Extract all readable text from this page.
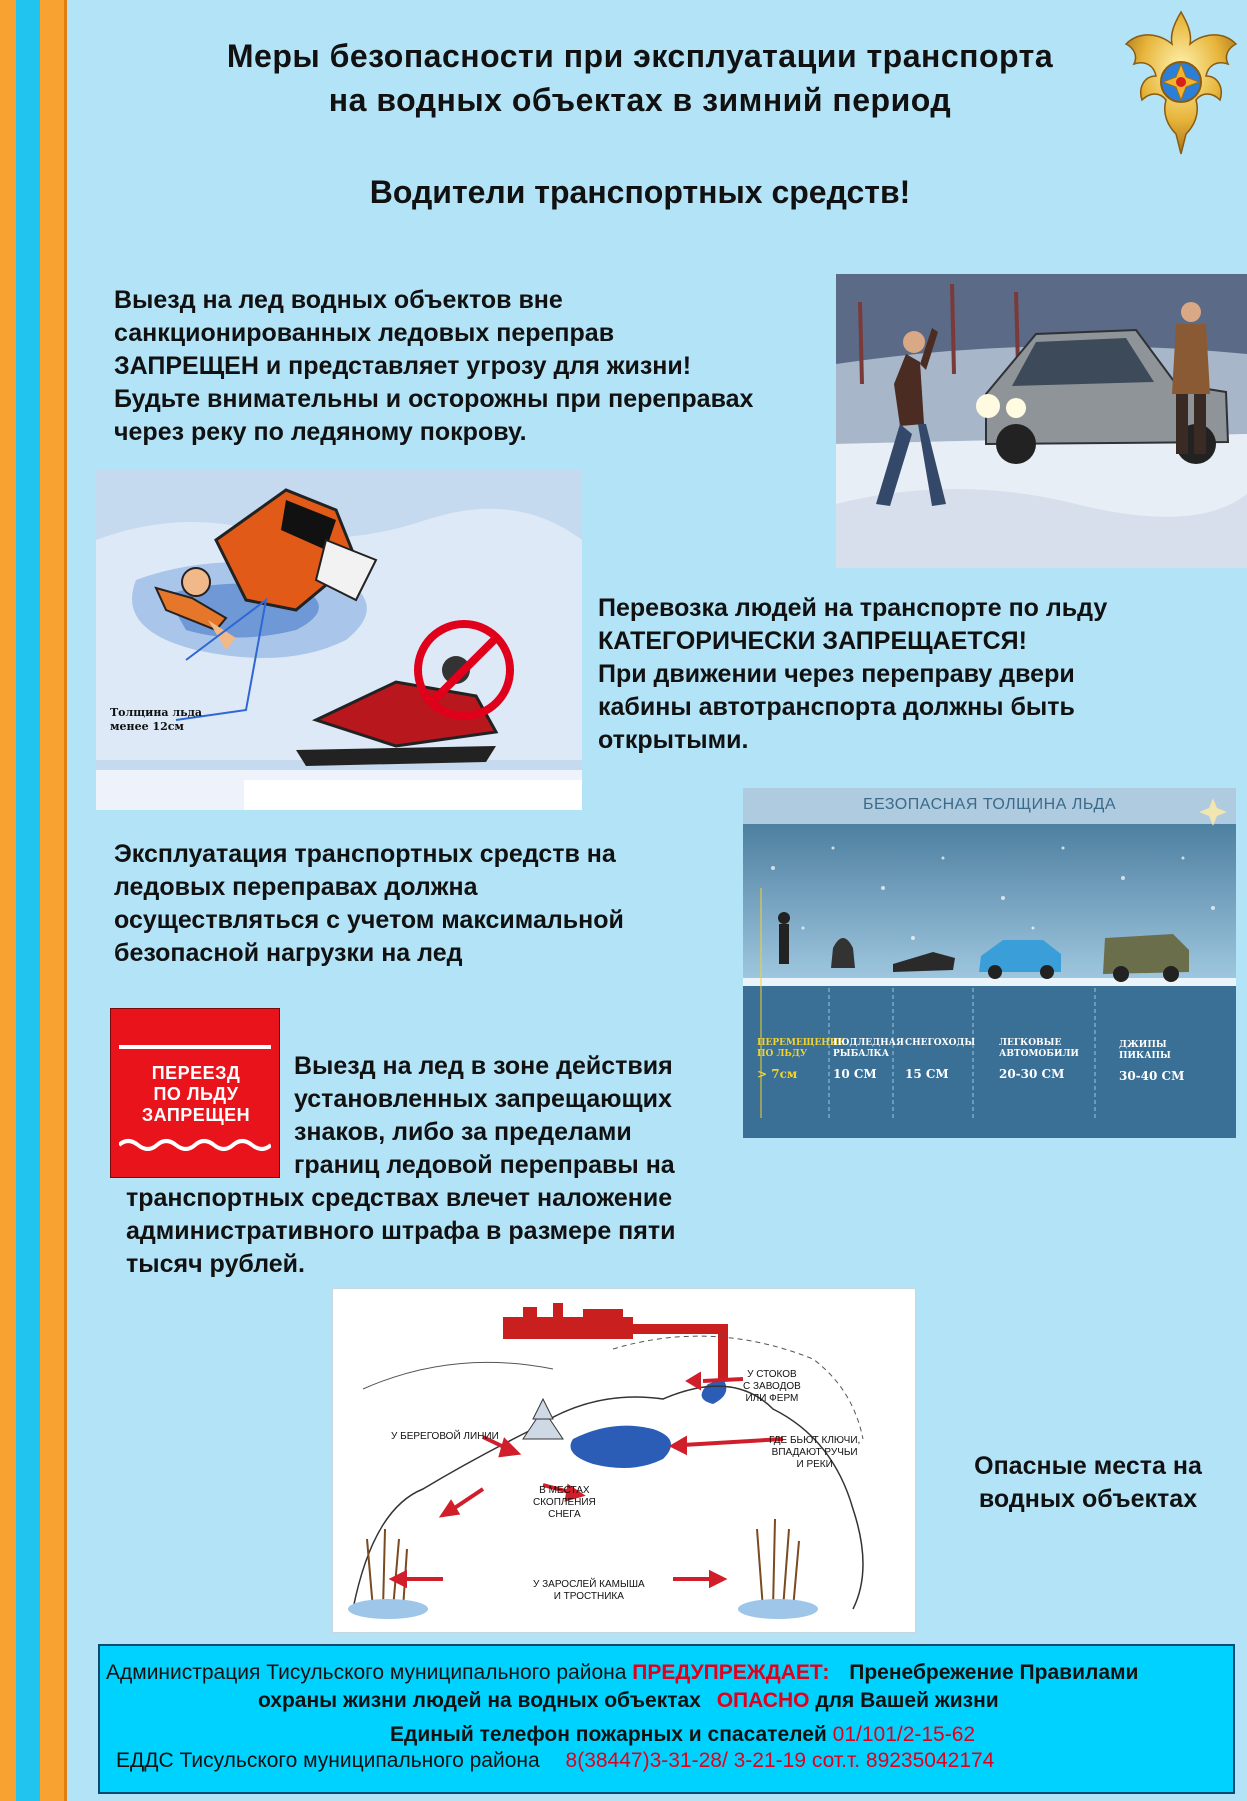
Меры безопасности при эксплуатации транспорта
на водных объектах в зимний период
Водители транспортных средств!
Выезд на лед водных объектов вне
санкционированных ледовых переправ
ЗАПРЕЩЕН и представляет угрозу для жизни!
Будьте внимательны и осторожны при переправах
через реку по ледяному покрову.
Толщина льда
менее 12см
Перевозка людей на транспорте по льду
КАТЕГОРИЧЕСКИ ЗАПРЕЩАЕТСЯ!
При движении через переправу двери
кабины автотранспорта должны быть
открытыми.
БЕЗОПАСНАЯ ТОЛЩИНА ЛЬДА
ПЕРЕМЕЩЕНИЕ
ПО ЛЬДУ
> 7см
ПОДЛЕДНАЯ
РЫБАЛКА
10 СМ
СНЕГОХОДЫ
15 СМ
ЛЕГКОВЫЕ
АВТОМОБИЛИ
20-30 СМ
ДЖИПЫ
ПИКАПЫ
30-40 СМ
Эксплуатация транспортных средств на
ледовых переправах должна
осуществляться с учетом максимальной
безопасной нагрузки на лед
ПЕРЕЕЗД
ПО ЛЬДУ
ЗАПРЕЩЕН
Выезд на лед в зоне действия
установленных запрещающих
знаков, либо за пределами
границ ледовой переправы на
транспортных средствах влечет наложение
административного штрафа в размере пяти
тысяч рублей.
У СТОКОВ
С ЗАВОДОВ
ИЛИ ФЕРМ
У БЕРЕГОВОЙ ЛИНИИ	ГДЕ БЬЮТ КЛЮЧИ,
ВПАДАЮТ РУЧЬИ
И РЕКИ
В МЕСТАХ
СКОПЛЕНИЯ
СНЕГА
У ЗАРОСЛЕЙ КАМЫША
И ТРОСТНИКА
Опасные места на
водных объектах
Администрация Тисульского муниципального района ПРЕДУПРЕЖДАЕТ: Пренебрежение Правилами
охраны жизни людей на водных объектах ОПАСНО для Вашей жизни
Единый телефон пожарных и спасателей 01/101/2-15-62
ЕДДС Тисульского муниципального района 8(38447)3-31-28/ 3-21-19 сот.т. 89235042174
